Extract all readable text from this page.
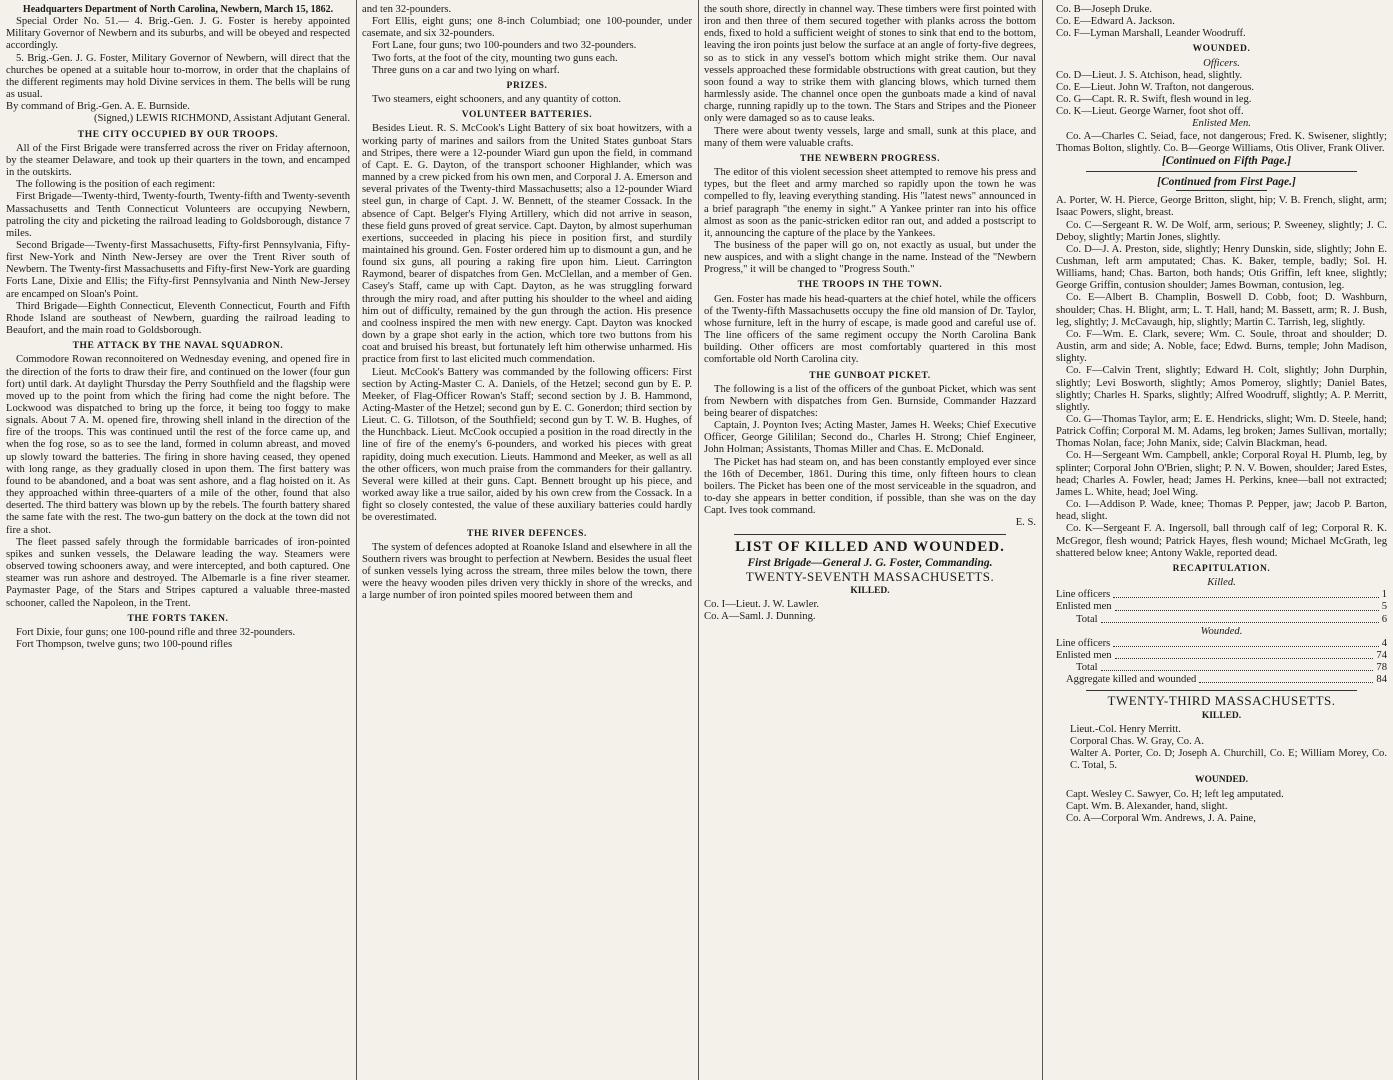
Headquarters Department of North Carolina, Newbern, March 15, 1862.

Special Order No. 51.— 4. Brig.-Gen. J. G. Foster is hereby appointed Military Governor of Newbern and its suburbs, and will be obeyed and respected accordingly.

5. Brig.-Gen. J. G. Foster, Military Governor of Newbern, will direct that the churches be opened at a suitable hour to-morrow, in order that the chaplains of the different regiments may hold Divine services in them. The bells will be rung as usual.

By command of Brig.-Gen. A. E. Burnside.

(Signed,) LEWIS RICHMOND, Assistant Adjutant General.

THE CITY OCCUPIED BY OUR TROOPS.

All of the First Brigade were transferred across the river on Friday afternoon, by the steamer Delaware, and took up their quarters in the town, and encamped in the outskirts.

The following is the position of each regiment:

First Brigade—Twenty-third, Twenty-fourth, Twenty-fifth and Twenty-seventh Massachusetts and Tenth Connecticut Volunteers are occupying Newbern, patroling the city and picketing the railroad leading to Goldsborough, distance 7 miles.

Second Brigade—Twenty-first Massachusetts, Fifty-first Pennsylvania, Fifty-first New-York and Ninth New-Jersey are over the Trent River south of Newbern. The Twenty-first Massachusetts and Fifty-first New-York are guarding Forts Lane, Dixie and Ellis; the Fifty-first Pennsylvania and Ninth New-Jersey are encamped on Sloan's Point.

Third Brigade—Eighth Connecticut, Eleventh Connecticut, Fourth and Fifth Rhode Island are southeast of Newbern, guarding the railroad leading to Beaufort, and the main road to Goldsborough.

THE ATTACK BY THE NAVAL SQUADRON.

Commodore Rowan reconnoitered on Wednesday evening, and opened fire in the direction of the forts to draw their fire, and continued on the lower (four gun fort) until dark. At daylight Thursday the Perry Southfield and the flagship were moved up to the point from which the firing had come the night before. The Lockwood was dispatched to bring up the force, it being too foggy to make signals. About 7 A. M. opened fire, throwing shell inland in the direction of the fire of the troops. This was continued until the rest of the force came up, and when the fog rose, so as to see the land, formed in column abreast, and moved up slowly toward the batteries. The firing in shore having ceased, they opened with long range, as they gradually closed in upon them. The first battery was found to be abandoned, and a boat was sent ashore, and a flag hoisted on it. As they approached within three-quarters of a mile of the other, found that also deserted. The third battery was blown up by the rebels. The fourth battery shared the same fate with the rest. The two-gun battery on the dock at the town did not fire a shot.

The fleet passed safely through the formidable barricades of iron-pointed spikes and sunken vessels, the Delaware leading the way. Steamers were observed towing schooners away, and were intercepted, and both captured. One steamer was run ashore and destroyed. The Albemarle is a fine river steamer. Paymaster Page, of the Stars and Stripes captured a valuable three-masted schooner, called the Napoleon, in the Trent.

THE FORTS TAKEN.

Fort Dixie, four guns; one 100-pound rifle and three 32-pounders.

Fort Thompson, twelve guns; two 100-pound rifles

and ten 32-pounders.

Fort Ellis, eight guns; one 8-inch Columbiad; one 100-pounder, under casemate, and six 32-pounders.

Fort Lane, four guns; two 100-pounders and two 32-pounders.

Two forts, at the foot of the city, mounting two guns each.

Three guns on a car and two lying on wharf.

PRIZES.

Two steamers, eight schooners, and any quantity of cotton.

VOLUNTEER BATTERIES.

Besides Lieut. R. S. McCook's Light Battery of six boat howitzers, with a working party of marines and sailors from the United States gunboat Stars and Stripes, there were a 12-pounder Wiard gun upon the field, in command of Capt. E. G. Dayton, of the transport schooner Highlander, which was manned by a crew picked from his own men, and Corporal J. A. Emerson and several privates of the Twenty-third Massachusetts; also a 12-pounder Wiard steel gun, in charge of Capt. J. W. Bennett, of the steamer Cossack. In the absence of Capt. Belger's Flying Artillery, which did not arrive in season, these field guns proved of great service. Capt. Dayton, by almost superhuman exertions, succeeded in placing his piece in position first, and sturdily maintained his ground. Gen. Foster ordered him up to dismount a gun, and he found six guns, all pouring a raking fire upon him. Lieut. Carrington Raymond, bearer of dispatches from Gen. McClellan, and a member of Gen. Casey's Staff, came up with Capt. Dayton, as he was struggling forward through the miry road, and after putting his shoulder to the wheel and aiding him out of difficulty, remained by the gun through the action. His presence and coolness inspired the men with new energy. Capt. Dayton was knocked down by a grape shot early in the action, which tore two buttons from his coat and bruised his breast, but fortunately left him otherwise unharmed. His practice from first to last elicited much commendation.

Lieut. McCook's Battery was commanded by the following officers: First section by Acting-Master C. A. Daniels, of the Hetzel; second gun by E. P. Meeker, of Flag-Officer Rowan's Staff; second section by J. B. Hammond, Acting-Master of the Hetzel; second gun by E. C. Gonerdon; third section by Lieut. C. G. Tillotson, of the Southfield; second gun by T. W. B. Hughes, of the Hunchback. Lieut. McCook occupied a position in the road directly in the line of fire of the enemy's 6-pounders, and worked his pieces with great rapidity, doing much execution. Lieuts. Hammond and Meeker, as well as all the other officers, won much praise from the commanders for their gallantry. Several were killed at their guns. Capt. Bennett brought up his piece, and worked away like a true sailor, aided by his own crew from the Cossack. In a fight so closely contested, the value of these auxiliary batteries could hardly be overestimated.

THE RIVER DEFENCES.

The system of defences adopted at Roanoke Island and elsewhere in all the Southern rivers was brought to perfection at Newbern. Besides the usual fleet of sunken vessels lying across the stream, three miles below the town, there were the heavy wooden piles driven very thickly in shore of the wrecks, and a large number of iron pointed spiles moored between them and

the south shore, directly in channel way. These timbers were first pointed with iron and then three of them secured together with planks across the bottom ends, fixed to hold a sufficient weight of stones to sink that end to the bottom, leaving the iron points just below the surface at an angle of forty-five degrees, so as to stick in any vessel's bottom which might strike them. Our naval vessels approached these formidable obstructions with great caution, but they soon found a way to strike them with glancing blows, which turned them harmlessly aside. The channel once open the gunboats made a kind of naval charge, running rapidly up to the town. The Stars and Stripes and the Pioneer only were damaged so as to cause leaks.

There were about twenty vessels, large and small, sunk at this place, and many of them were valuable crafts.

THE NEWBERN PROGRESS.

The editor of this violent secession sheet attempted to remove his press and types, but the fleet and army marched so rapidly upon the town he was compelled to fly, leaving everything standing. His "latest news" announced in a brief paragraph "the enemy in sight." A Yankee printer ran into his office almost as soon as the panic-stricken editor ran out, and added a postscript to it, announcing the capture of the place by the Yankees.

The business of the paper will go on, not exactly as usual, but under the new auspices, and with a slight change in the name. Instead of the "Newbern Progress," it will be changed to "Progress South."

THE TROOPS IN THE TOWN.

Gen. Foster has made his head-quarters at the chief hotel, while the officers of the Twenty-fifth Massachusetts occupy the fine old mansion of Dr. Taylor, whose furniture, left in the hurry of escape, is made good and careful use of. The line officers of the same regiment occupy the North Carolina Bank building. Other officers are most comfortably quartered in this most comfortable old North Carolina city.

THE GUNBOAT PICKET.

The following is a list of the officers of the gunboat Picket, which was sent from Newbern with dispatches from Gen. Burnside, Commander Hazzard being bearer of dispatches:

Captain, J. Poynton Ives; Acting Master, James H. Weeks; Chief Executive Officer, George Gilililan; Second do., Charles H. Strong; Chief Engineer, John Holman; Assistants, Thomas Miller and Chas. E. McDonald.

The Picket has had steam on, and has been constantly employed ever since the 16th of December, 1861. During this time, only fifteen hours to clean boilers. The Picket has been one of the most serviceable in the squadron, and to-day she appears in better condition, if possible, than she was on the day Capt. Ives took command.

E. S.

LIST OF KILLED AND WOUNDED.
First Brigade—General J. G. Foster, Commanding.
TWENTY-SEVENTH MASSACHUSETTS.
KILLED.

Co. I—Lieut. J. W. Lawler.

Co. A—Saml. J. Dunning.

Co. B—Joseph Druke.

Co. E—Edward A. Jackson.

Co. F—Lyman Marshall, Leander Woodruff.

WOUNDED.

Officers.

Co. D—Lieut. J. S. Atchison, head, slightly.

Co. E—Lieut. John W. Trafton, not dangerous.

Co. G—Capt. R. R. Swift, flesh wound in leg.

Co. K—Lieut. George Warner, foot shot off.

Enlisted Men.

Co. A—Charles C. Seiad, face, not dangerous; Fred. K. Swisener, slightly; Thomas Bolton, slightly. Co. B—George Williams, Otis Oliver, Frank Oliver.

[Continued on Fifth Page.]

[Continued from First Page.]

A. Porter, W. H. Pierce, George Britton, slight, hip; V. B. French, slight, arm; Isaac Powers, slight, breast.

Co. C—Sergeant R. W. De Wolf, arm, serious; P. Sweeney, slightly; J. C. Deboy, slightly; Martin Jones, slightly.

Co. D—J. A. Preston, side, slightly; Henry Dunskin, side, slightly; John E. Cushman, left arm amputated; Chas. K. Baker, temple, badly; Sol. H. Williams, hand; Chas. Barton, both hands; Otis Griffin, left knee, slightly; George Griffin, contusion shoulder; James Bowman, contusion, leg.

Co. E—Albert B. Champlin, Boswell D. Cobb, foot; D. Washburn, shoulder; Chas. H. Blight, arm; L. T. Hall, hand; M. Bassett, arm; R. J. Bush, leg, slightly; J. McCavaugh, hip, slightly; Martin C. Tarrish, leg, slightly.

Co. F—Wm. E. Clark, severe; Wm. C. Soule, throat and shoulder; D. Austin, arm and side; A. Noble, face; Edwd. Burns, temple; John Madison, slighty.

Co. F—Calvin Trent, slightly; Edward H. Colt, slightly; John Durphin, slightly; Levi Bosworth, slightly; Amos Pomeroy, slightly; Daniel Bates, slightly; Charles H. Sparks, slightly; Alfred Woodruff, slightly; A. P. Merritt, slightly.

Co. G—Thomas Taylor, arm; E. E. Hendricks, slight; Wm. D. Steele, hand; Patrick Coffin; Corporal M. M. Adams, leg broken; James Sullivan, mortally; Thomas Nolan, face; John Manix, side; Calvin Blackman, head.

Co. H—Sergeant Wm. Campbell, ankle; Corporal Royal H. Plumb, leg, by splinter; Corporal John O'Brien, slight; P. N. V. Bowen, shoulder; Jared Estes, head; Charles A. Fowler, head; James H. Perkins, knee—ball not extracted; James L. White, head; Joel Wing.

Co. I—Addison P. Wade, knee; Thomas P. Pepper, jaw; Jacob P. Barton, head, slight.

Co. K—Sergeant F. A. Ingersoll, ball through calf of leg; Corporal R. K. McGregor, flesh wound; Patrick Hayes, flesh wound; Michael McGrath, leg shattered below knee; Antony Wakle, reported dead.

RECAPITULATION.

Killed.

Line officers	1
Enlisted men	5
Total	6

Wounded.

Line officers	4
Enlisted men	74
Total	78
Aggregate killed and wounded	84
TWENTY-THIRD MASSACHUSETTS.
KILLED.

Lieut.-Col. Henry Merritt.

Corporal Chas. W. Gray, Co. A.

Walter A. Porter, Co. D; Joseph A. Churchill, Co. E; William Morey, Co. C. Total, 5.

WOUNDED.

Capt. Wesley C. Sawyer, Co. H; left leg amputated.

Capt. Wm. B. Alexander, hand, slight.

Co. A—Corporal Wm. Andrews, J. A. Paine,
